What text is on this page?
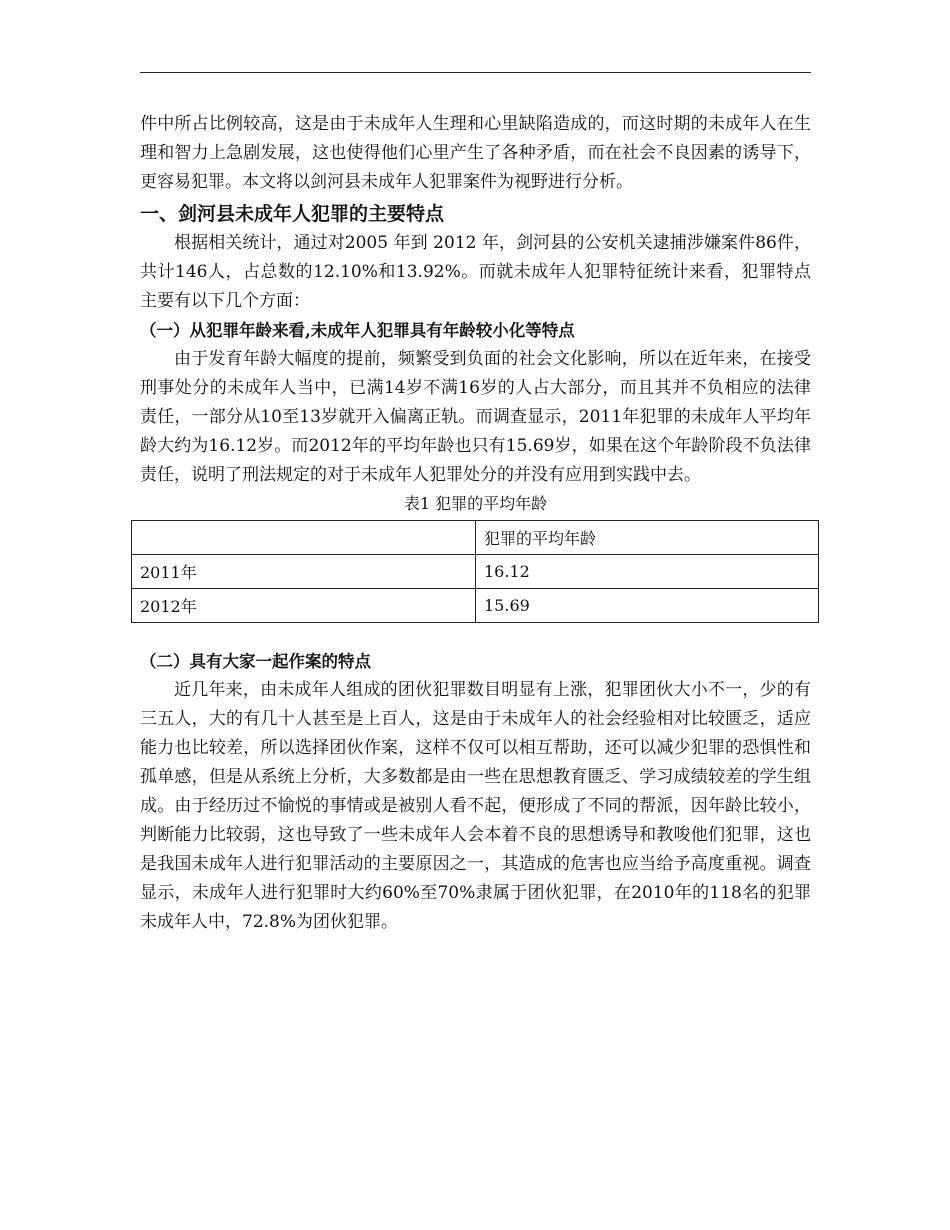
件中所占比例较高，这是由于未成年人生理和心里缺陷造成的，而这时期的未成年人在生理和智力上急剧发展，这也使得他们心里产生了各种矛盾，而在社会不良因素的诱导下，更容易犯罪。本文将以剑河县未成年人犯罪案件为视野进行分析。

一、剑河县未成年人犯罪的主要特点

根据相关统计，通过对2005 年到 2012 年，剑河县的公安机关逮捕涉嫌案件86件，共计146人，占总数的12.10%和13.92%。而就未成年人犯罪特征统计来看，犯罪特点主要有以下几个方面：

（一）从犯罪年龄来看,未成年人犯罪具有年龄较小化等特点

由于发育年龄大幅度的提前，频繁受到负面的社会文化影响，所以在近年来，在接受刑事处分的未成年人当中，已满14岁不满16岁的人占大部分，而且其并不负相应的法律责任，一部分从10至13岁就开入偏离正轨。而调查显示，2011年犯罪的未成年人平均年龄大约为16.12岁。而2012年的平均年龄也只有15.69岁，如果在这个年龄阶段不负法律责任，说明了刑法规定的对于未成年人犯罪处分的并没有应用到实践中去。

表1 犯罪的平均年龄

	犯罪的平均年龄
2011年	16.12
2012年	15.69
（二）具有大家一起作案的特点

近几年来，由未成年人组成的团伙犯罪数目明显有上涨，犯罪团伙大小不一，少的有三五人，大的有几十人甚至是上百人，这是由于未成年人的社会经验相对比较匮乏，适应能力也比较差，所以选择团伙作案，这样不仅可以相互帮助，还可以减少犯罪的恐惧性和孤单感，但是从系统上分析，大多数都是由一些在思想教育匮乏、学习成绩较差的学生组成。由于经历过不愉悦的事情或是被别人看不起，便形成了不同的帮派，因年龄比较小，判断能力比较弱，这也导致了一些未成年人会本着不良的思想诱导和教唆他们犯罪，这也是我国未成年人进行犯罪活动的主要原因之一，其造成的危害也应当给予高度重视。调查显示，未成年人进行犯罪时大约60%至70%隶属于团伙犯罪，在2010年的118名的犯罪未成年人中，72.8%为团伙犯罪。
